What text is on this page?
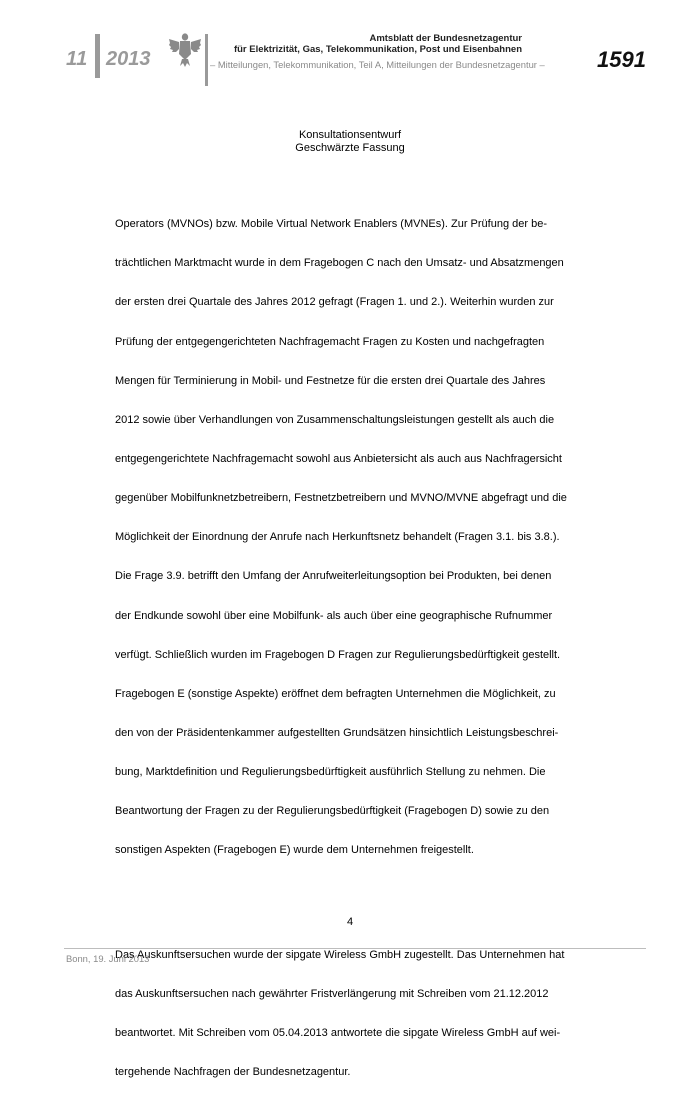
11 2013
Amtsblatt der Bundesnetzagentur
für Elektrizität, Gas, Telekommunikation, Post und Eisenbahnen
– Mitteilungen, Telekommunikation, Teil A, Mitteilungen der Bundesnetzagentur – 1591
Konsultationsentwurf
Geschwärzte Fassung

Operators (MVNOs) bzw. Mobile Virtual Network Enablers (MVNEs). Zur Prüfung der be-

trächtlichen Marktmacht wurde in dem Fragebogen C nach den Umsatz- und Absatzmengen

der ersten drei Quartale des Jahres 2012 gefragt (Fragen 1. und 2.). Weiterhin wurden zur

Prüfung der entgegengerichteten Nachfragemacht Fragen zu Kosten und nachgefragten

Mengen für Terminierung in Mobil- und Festnetze für die ersten drei Quartale des Jahres

2012 sowie über Verhandlungen von Zusammenschaltungsleistungen gestellt als auch die

entgegengerichtete Nachfragemacht sowohl aus Anbietersicht als auch aus Nachfragersicht

gegenüber Mobilfunknetzbetreibern, Festnetzbetreibern und MVNO/MVNE abgefragt und die

Möglichkeit der Einordnung der Anrufe nach Herkunftsnetz behandelt (Fragen 3.1. bis 3.8.).

Die Frage 3.9. betrifft den Umfang der Anrufweiterleitungsoption bei Produkten, bei denen

der Endkunde sowohl über eine Mobilfunk- als auch über eine geographische Rufnummer

verfügt. Schließlich wurden im Fragebogen D Fragen zur Regulierungsbedürftigkeit gestellt.

Fragebogen E (sonstige Aspekte) eröffnet dem befragten Unternehmen die Möglichkeit, zu

den von der Präsidentenkammer aufgestellten Grundsätzen hinsichtlich Leistungsbeschrei-

bung, Marktdefinition und Regulierungsbedürftigkeit ausführlich Stellung zu nehmen. Die

Beantwortung der Fragen zu der Regulierungsbedürftigkeit (Fragebogen D) sowie zu den

sonstigen Aspekten (Fragebogen E) wurde dem Unternehmen freigestellt.

Das Auskunftsersuchen wurde der sipgate Wireless GmbH zugestellt. Das Unternehmen hat

das Auskunftsersuchen nach gewährter Fristverlängerung mit Schreiben vom 21.12.2012

beantwortet. Mit Schreiben vom 05.04.2013 antwortete die sipgate Wireless GmbH auf wei-

tergehende Nachfragen der Bundesnetzagentur.

4
Bonn, 19. Juni 2013
